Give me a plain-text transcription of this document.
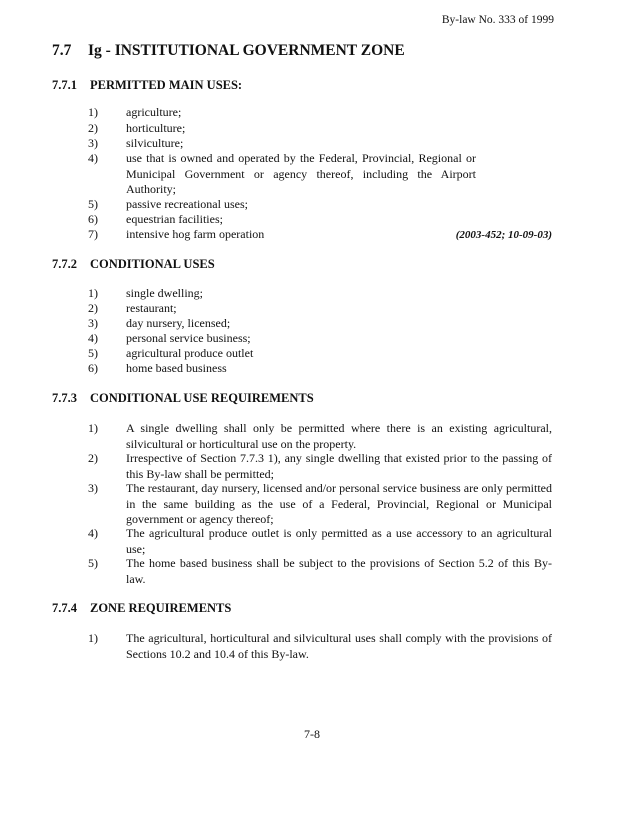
By-law No. 333 of 1999
7.7 Ig - INSTITUTIONAL GOVERNMENT ZONE
7.7.1 PERMITTED MAIN USES:
1)	agriculture;
2)	horticulture;
3)	silviculture;
4)	use that is owned and operated by the Federal, Provincial, Regional or Municipal Government or agency thereof, including the Airport Authority;
5)	passive recreational uses;
6)	equestrian facilities;
7)	intensive hog farm operation	(2003-452; 10-09-03)
7.7.2 CONDITIONAL USES
1)	single dwelling;
2)	restaurant;
3)	day nursery, licensed;
4)	personal service business;
5)	agricultural produce outlet
6)	home based business
7.7.3 CONDITIONAL USE REQUIREMENTS
1)	A single dwelling shall only be permitted where there is an existing agricultural, silvicultural or horticultural use on the property.
2)	Irrespective of Section 7.7.3 1), any single dwelling that existed prior to the passing of this By-law shall be permitted;
3)	The restaurant, day nursery, licensed and/or personal service business are only permitted in the same building as the use of a Federal, Provincial, Regional or Municipal government or agency thereof;
4)	The agricultural produce outlet is only permitted as a use accessory to an agricultural use;
5)	The home based business shall be subject to the provisions of Section 5.2 of this By-law.
7.7.4 ZONE REQUIREMENTS
1)	The agricultural, horticultural and silvicultural uses shall comply with the provisions of Sections 10.2 and 10.4 of this By-law.
7-8
